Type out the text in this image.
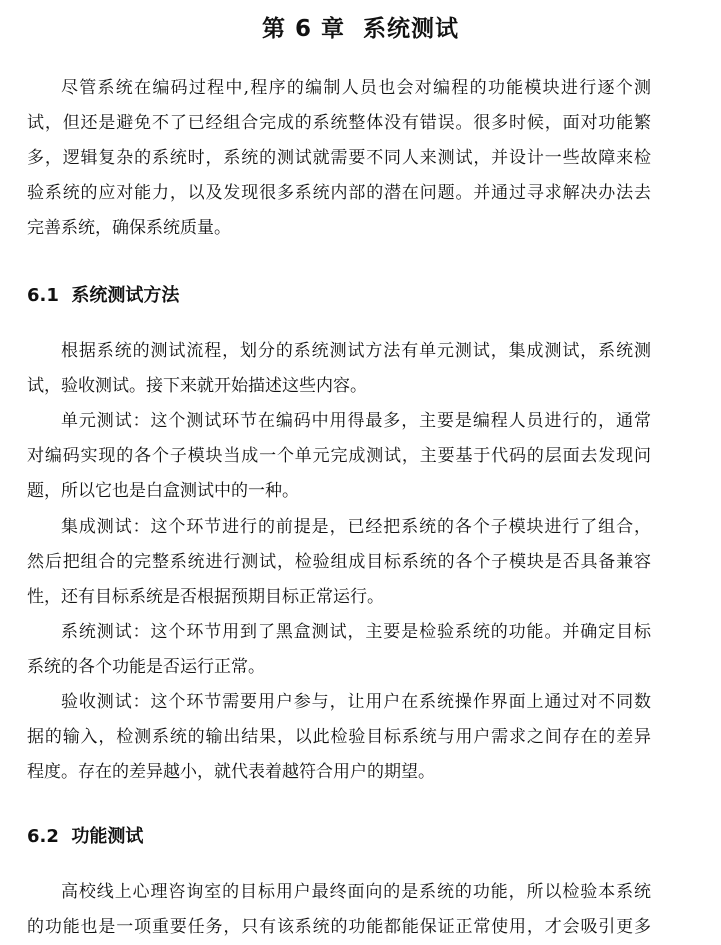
第 6 章  系统测试
尽管系统在编码过程中,程序的编制人员也会对编程的功能模块进行逐个测
试，但还是避免不了已经组合完成的系统整体没有错误。很多时候，面对功能繁
多，逻辑复杂的系统时，系统的测试就需要不同人来测试，并设计一些故障来检
验系统的应对能力，以及发现很多系统内部的潜在问题。并通过寻求解决办法去
完善系统，确保系统质量。
6.1  系统测试方法
根据系统的测试流程，划分的系统测试方法有单元测试，集成测试，系统测
试，验收测试。接下来就开始描述这些内容。
单元测试：这个测试环节在编码中用得最多，主要是编程人员进行的，通常
对编码实现的各个子模块当成一个单元完成测试，主要基于代码的层面去发现问
题，所以它也是白盒测试中的一种。
集成测试：这个环节进行的前提是，已经把系统的各个子模块进行了组合，
然后把组合的完整系统进行测试，检验组成目标系统的各个子模块是否具备兼容
性，还有目标系统是否根据预期目标正常运行。
系统测试：这个环节用到了黑盒测试，主要是检验系统的功能。并确定目标
系统的各个功能是否运行正常。
验收测试：这个环节需要用户参与，让用户在系统操作界面上通过对不同数
据的输入，检测系统的输出结果，以此检验目标系统与用户需求之间存在的差异
程度。存在的差异越小，就代表着越符合用户的期望。
6.2  功能测试
高校线上心理咨询室的目标用户最终面向的是系统的功能，所以检验本系统
的功能也是一项重要任务，只有该系统的功能都能保证正常使用，才会吸引更多
